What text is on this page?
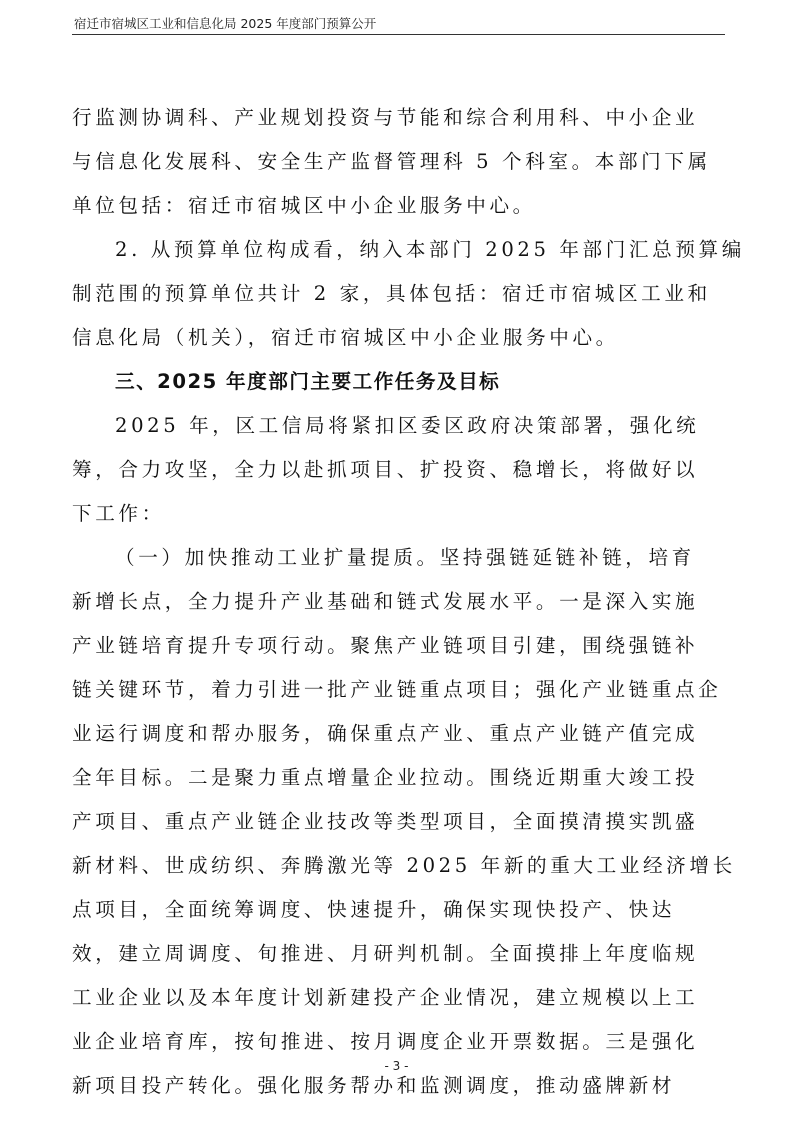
宿迁市宿城区工业和信息化局 2025 年度部门预算公开
行监测协调科、产业规划投资与节能和综合利用科、中小企业
与信息化发展科、安全生产监督管理科 5 个科室。本部门下属
单位包括：宿迁市宿城区中小企业服务中心。
2. 从预算单位构成看，纳入本部门 2025 年部门汇总预算编
制范围的预算单位共计 2 家，具体包括：宿迁市宿城区工业和
信息化局（机关），宿迁市宿城区中小企业服务中心。
三、2025 年度部门主要工作任务及目标
2025 年，区工信局将紧扣区委区政府决策部署，强化统
筹，合力攻坚，全力以赴抓项目、扩投资、稳增长，将做好以
下工作：
（一）加快推动工业扩量提质。坚持强链延链补链，培育
新增长点，全力提升产业基础和链式发展水平。一是深入实施
产业链培育提升专项行动。聚焦产业链项目引建，围绕强链补
链关键环节，着力引进一批产业链重点项目；强化产业链重点企
业运行调度和帮办服务，确保重点产业、重点产业链产值完成
全年目标。二是聚力重点增量企业拉动。围绕近期重大竣工投
产项目、重点产业链企业技改等类型项目，全面摸清摸实凯盛
新材料、世成纺织、奔腾激光等 2025 年新的重大工业经济增长
点项目，全面统筹调度、快速提升，确保实现快投产、快达
效，建立周调度、旬推进、月研判机制。全面摸排上年度临规
工业企业以及本年度计划新建投产企业情况，建立规模以上工
业企业培育库，按旬推进、按月调度企业开票数据。三是强化
新项目投产转化。强化服务帮办和监测调度，推动盛牌新材
- 3 -
